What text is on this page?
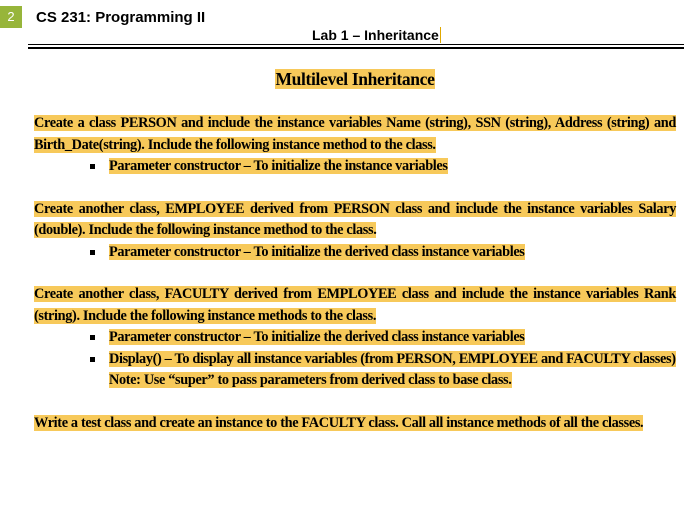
2	CS 231: Programming II
Lab 1 – Inheritance
Multilevel Inheritance

Create a class PERSON and include the instance variables Name (string), SSN (string), Address (string) and Birth_Date(string). Include the following instance method to the class.

Parameter constructor – To initialize the instance variables

Create another class, EMPLOYEE derived from PERSON class and include the instance variables Salary (double). Include the following instance method to the class.

Parameter constructor – To initialize the derived class instance variables

Create another class, FACULTY derived from EMPLOYEE class and include the instance variables Rank (string). Include the following instance methods to the class.

Parameter constructor – To initialize the derived class instance variables
Display() – To display all instance variables (from PERSON, EMPLOYEE and FACULTY classes)
Note: Use “super” to pass parameters from derived class to base class.

Write a test class and create an instance to the FACULTY class. Call all instance methods of all the classes.
